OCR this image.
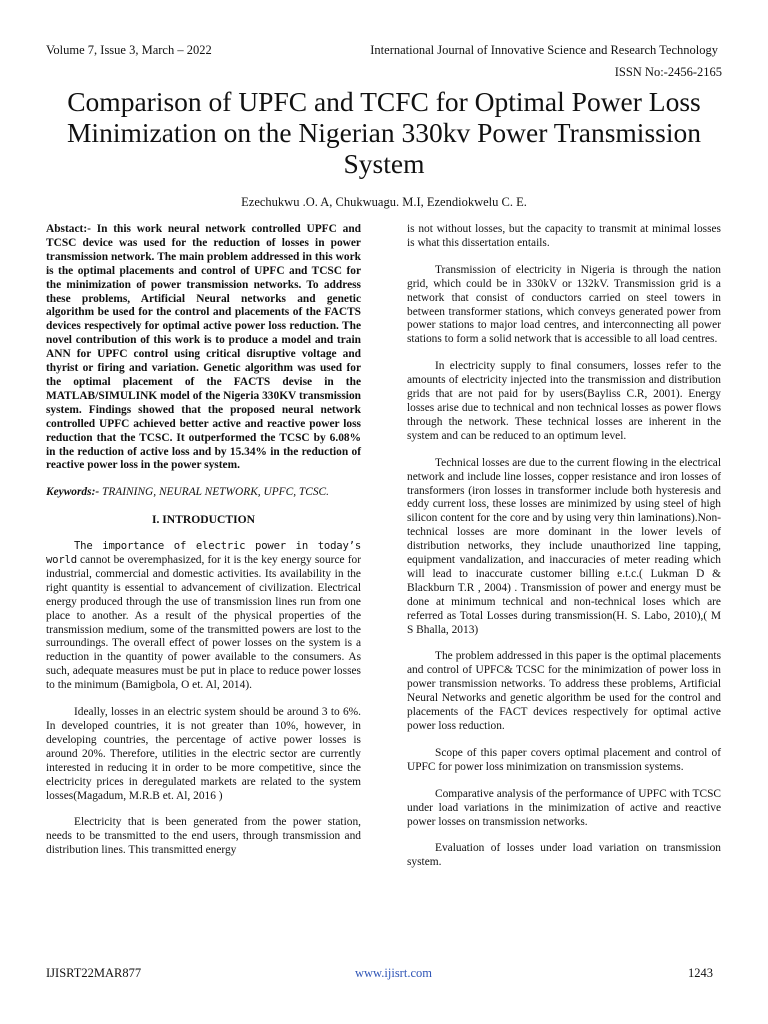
Volume 7, Issue 3, March – 2022	International Journal of Innovative Science and Research Technology
ISSN No:-2456-2165
Comparison of UPFC and TCFC for Optimal Power Loss Minimization on the Nigerian 330kv Power Transmission System
Ezechukwu .O. A, Chukwuagu. M.I, Ezendiokwelu C. E.

Abstact:- In this work neural network controlled UPFC and TCSC device was used for the reduction of losses in power transmission network. The main problem addressed in this work is the optimal placements and control of UPFC and TCSC for the minimization of power transmission networks. To address these problems, Artificial Neural networks and genetic algorithm be used for the control and placements of the FACTS devices respectively for optimal active power loss reduction. The novel contribution of this work is to produce a model and train ANN for UPFC control using critical disruptive voltage and thyrist or firing and variation. Genetic algorithm was used for the optimal placement of the FACTS devise in the MATLAB/SIMULINK model of the Nigeria 330KV transmission system. Findings showed that the proposed neural network controlled UPFC achieved better active and reactive power loss reduction that the TCSC. It outperformed the TCSC by 6.08% in the reduction of active loss and by 15.34% in the reduction of reactive power loss in the power system.

Keywords:- TRAINING, NEURAL NETWORK, UPFC, TCSC.

I. INTRODUCTION

The importance of electric power in today’s world cannot be overemphasized, for it is the key energy source for industrial, commercial and domestic activities. Its availability in the right quantity is essential to advancement of civilization. Electrical energy produced through the use of transmission lines run from one place to another. As a result of the physical properties of the transmission medium, some of the transmitted powers are lost to the surroundings. The overall effect of power losses on the system is a reduction in the quantity of power available to the consumers. As such, adequate measures must be put in place to reduce power losses to the minimum (Bamigbola, O et. Al, 2014).

Ideally, losses in an electric system should be around 3 to 6%. In developed countries, it is not greater than 10%, however, in developing countries, the percentage of active power losses is around 20%. Therefore, utilities in the electric sector are currently interested in reducing it in order to be more competitive, since the electricity prices in deregulated markets are related to the system losses(Magadum, M.R.B et. Al, 2016 )

Electricity that is been generated from the power station, needs to be transmitted to the end users, through transmission and distribution lines. This transmitted energy

is not without losses, but the capacity to transmit at minimal losses is what this dissertation entails.

Transmission of electricity in Nigeria is through the nation grid, which could be in 330kV or 132kV. Transmission grid is a network that consist of conductors carried on steel towers in between transformer stations, which conveys generated power from power stations to major load centres, and interconnecting all power stations to form a solid network that is accessible to all load centres.

In electricity supply to final consumers, losses refer to the amounts of electricity injected into the transmission and distribution grids that are not paid for by users(Bayliss C.R, 2001). Energy losses arise due to technical and non technical losses as power flows through the network. These technical losses are inherent in the system and can be reduced to an optimum level.

Technical losses are due to the current flowing in the electrical network and include line losses, copper resistance and iron losses of transformers (iron losses in transformer include both hysteresis and eddy current loss, these losses are minimized by using steel of high silicon content for the core and by using very thin laminations).Non- technical losses are more dominant in the lower levels of distribution networks, they include unauthorized line tapping, equipment vandalization, and inaccuracies of meter reading which will lead to inaccurate customer billing e.t.c.( Lukman D & Blackburn T.R , 2004) . Transmission of power and energy must be done at minimum technical and non-technical loses which are referred as Total Losses during transmission(H. S. Labo, 2010),( M S Bhalla, 2013)

The problem addressed in this paper is the optimal placements and control of UPFC& TCSC for the minimization of power loss in power transmission networks. To address these problems, Artificial Neural Networks and genetic algorithm be used for the control and placements of the FACT devices respectively for optimal active power loss reduction.

Scope of this paper covers optimal placement and control of UPFC for power loss minimization on transmission systems.

Comparative analysis of the performance of UPFC with TCSC under load variations in the minimization of active and reactive power losses on transmission networks.

Evaluation of losses under load variation on transmission system.

IJISRT22MAR877	www.ijisrt.com	1243
